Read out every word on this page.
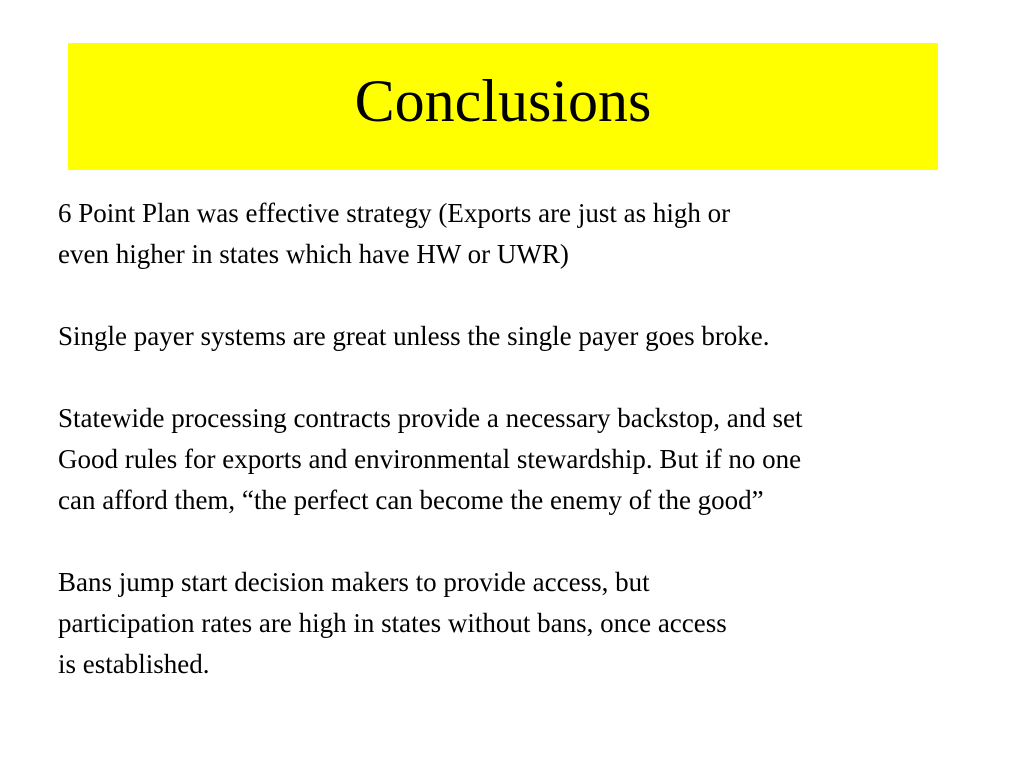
Conclusions

6 Point Plan was effective strategy (Exports are just as high or
even higher in states which have HW or UWR)

Single payer systems are great unless the single payer goes broke.

Statewide processing contracts provide a necessary backstop, and set
Good rules for exports and environmental stewardship. But if no one
can afford them, “the perfect can become the enemy of the good”

Bans jump start decision makers to provide access, but
participation rates are high in states without bans, once access
is established.
